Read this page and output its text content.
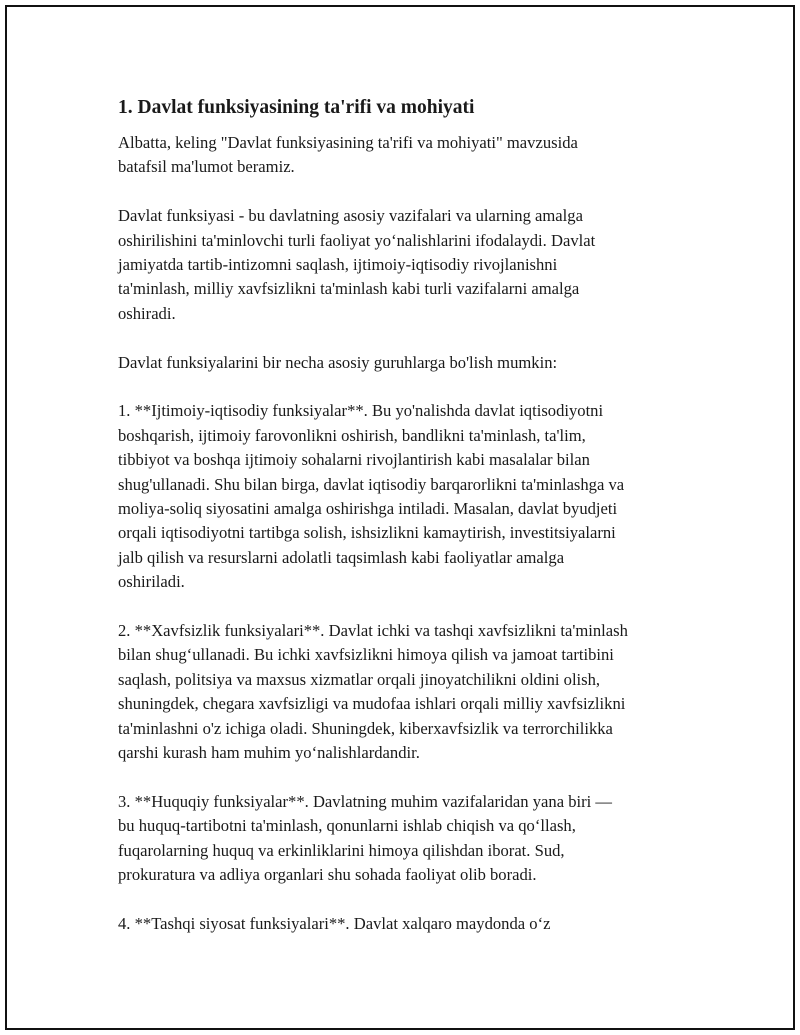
1. Davlat funksiyasining ta'rifi va mohiyati

Albatta, keling "Davlat funksiyasining ta'rifi va mohiyati" mavzusida
batafsil ma'lumot beramiz.

Davlat funksiyasi - bu davlatning asosiy vazifalari va ularning amalga
oshirilishini ta'minlovchi turli faoliyat yo‘nalishlarini ifodalaydi. Davlat
jamiyatda tartib-intizomni saqlash, ijtimoiy-iqtisodiy rivojlanishni
ta'minlash, milliy xavfsizlikni ta'minlash kabi turli vazifalarni amalga
oshiradi.

Davlat funksiyalarini bir necha asosiy guruhlarga bo'lish mumkin:

1. **Ijtimoiy-iqtisodiy funksiyalar**. Bu yo'nalishda davlat iqtisodiyotni
boshqarish, ijtimoiy farovonlikni oshirish, bandlikni ta'minlash, ta'lim,
tibbiyot va boshqa ijtimoiy sohalarni rivojlantirish kabi masalalar bilan
shug'ullanadi. Shu bilan birga, davlat iqtisodiy barqarorlikni ta'minlashga va
moliya-soliq siyosatini amalga oshirishga intiladi. Masalan, davlat byudjeti
orqali iqtisodiyotni tartibga solish, ishsizlikni kamaytirish, investitsiyalarni
jalb qilish va resurslarni adolatli taqsimlash kabi faoliyatlar amalga
oshiriladi.

2. **Xavfsizlik funksiyalari**. Davlat ichki va tashqi xavfsizlikni ta'minlash
bilan shug‘ullanadi. Bu ichki xavfsizlikni himoya qilish va jamoat tartibini
saqlash, politsiya va maxsus xizmatlar orqali jinoyatchilikni oldini olish,
shuningdek, chegara xavfsizligi va mudofaa ishlari orqali milliy xavfsizlikni
ta'minlashni o'z ichiga oladi. Shuningdek, kiberxavfsizlik va terrorchilikka
qarshi kurash ham muhim yo‘nalishlardandir.

3. **Huquqiy funksiyalar**. Davlatning muhim vazifalaridan yana biri —
bu huquq-tartibotni ta'minlash, qonunlarni ishlab chiqish va qo‘llash,
fuqarolarning huquq va erkinliklarini himoya qilishdan iborat. Sud,
prokuratura va adliya organlari shu sohada faoliyat olib boradi.

4. **Tashqi siyosat funksiyalari**. Davlat xalqaro maydonda o‘z
